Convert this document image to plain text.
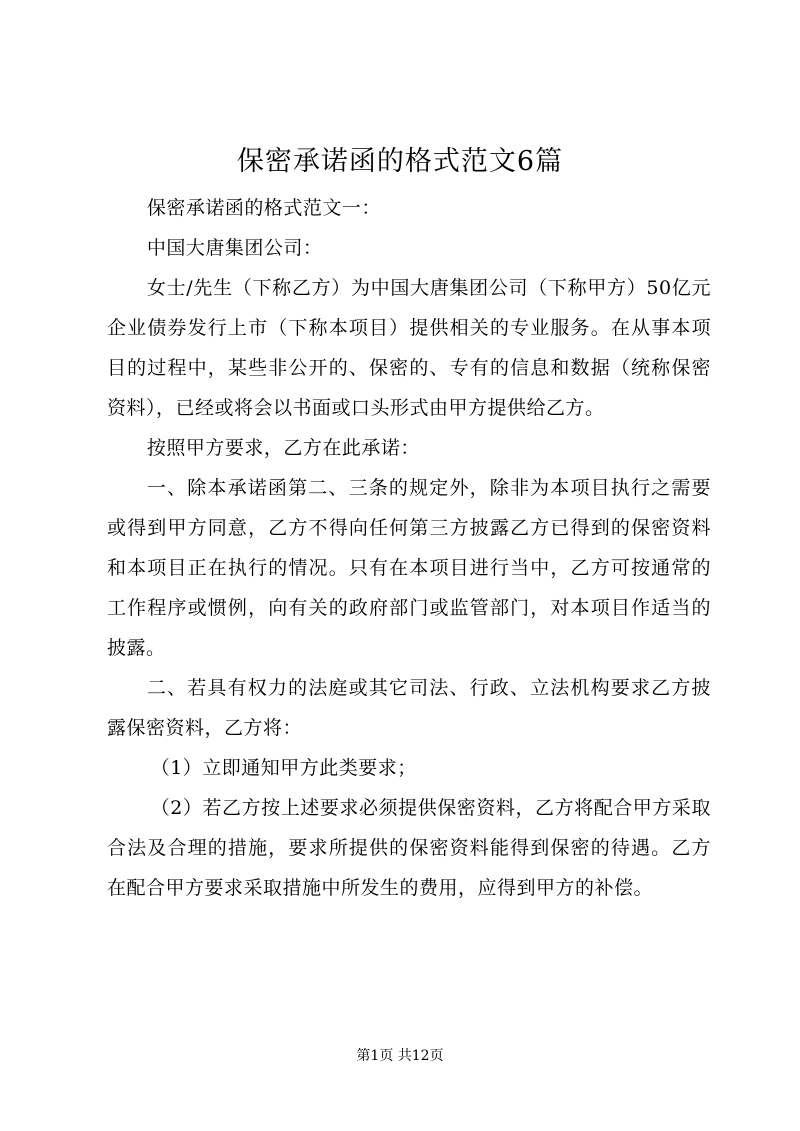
保密承诺函的格式范文6篇

保密承诺函的格式范文一：

中国大唐集团公司：

女士/先生（下称乙方）为中国大唐集团公司（下称甲方）50亿元企业债券发行上市（下称本项目）提供相关的专业服务。在从事本项目的过程中，某些非公开的、保密的、专有的信息和数据（统称保密资料），已经或将会以书面或口头形式由甲方提供给乙方。

按照甲方要求，乙方在此承诺：

一、除本承诺函第二、三条的规定外，除非为本项目执行之需要或得到甲方同意，乙方不得向任何第三方披露乙方已得到的保密资料和本项目正在执行的情况。只有在本项目进行当中，乙方可按通常的工作程序或惯例，向有关的政府部门或监管部门，对本项目作适当的披露。

二、若具有权力的法庭或其它司法、行政、立法机构要求乙方披露保密资料，乙方将：

（1）立即通知甲方此类要求；

（2）若乙方按上述要求必须提供保密资料，乙方将配合甲方采取合法及合理的措施，要求所提供的保密资料能得到保密的待遇。乙方在配合甲方要求采取措施中所发生的费用，应得到甲方的补偿。

第1页 共12页
